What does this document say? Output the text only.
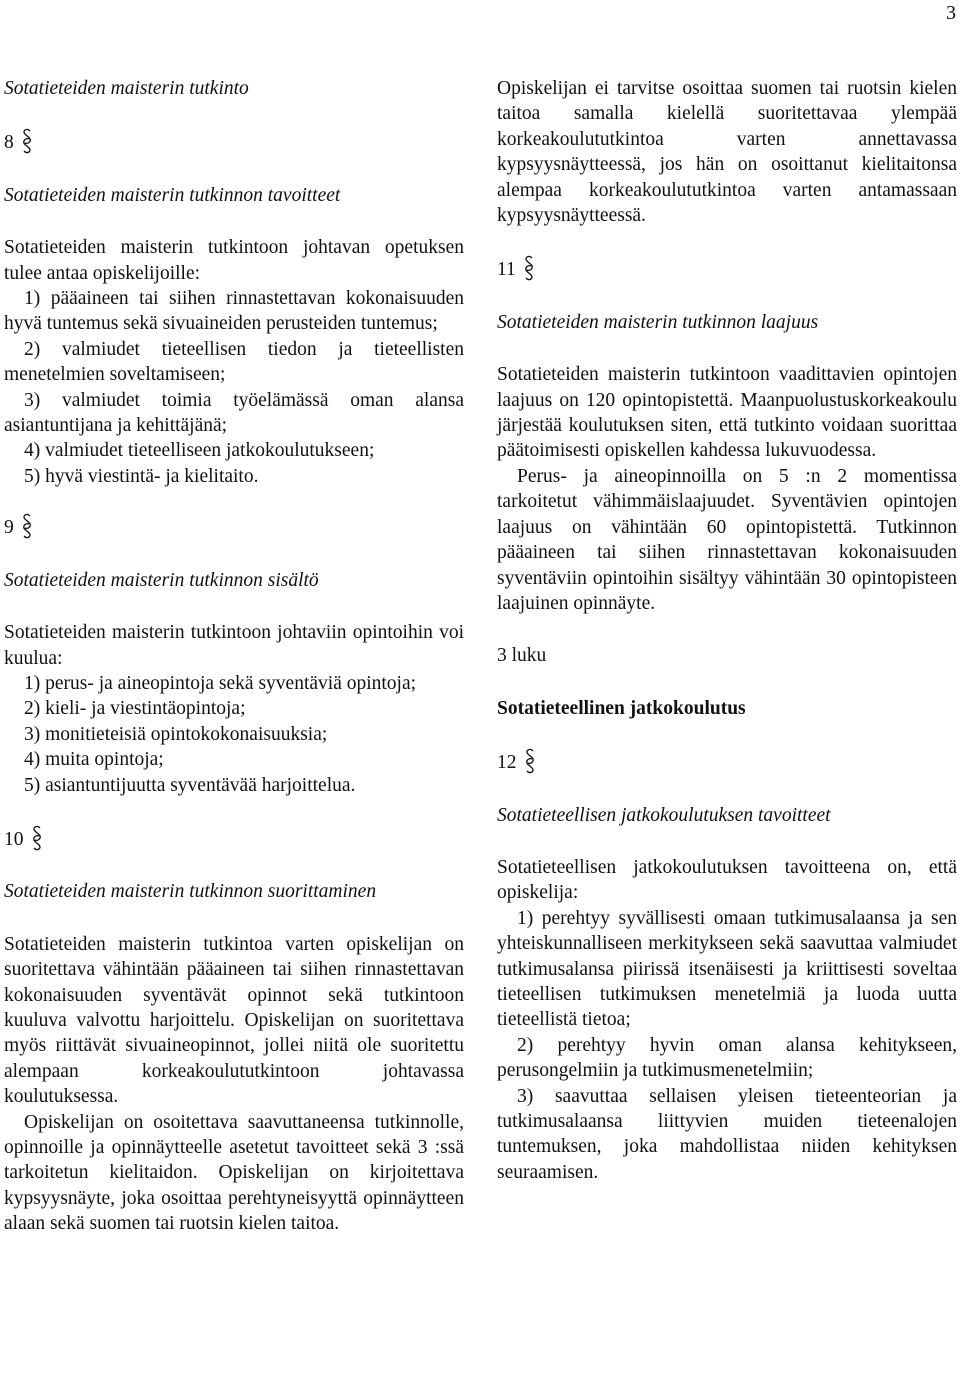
3

Sotatieteiden maisterin tutkinto

8

Sotatieteiden maisterin tutkinnon tavoitteet

Sotatieteiden maisterin tutkintoon johtavan opetuksen tulee antaa opiskelijoille:

1) pääaineen tai siihen rinnastettavan kokonaisuuden hyvä tuntemus sekä sivuaineiden perusteiden tuntemus;

2) valmiudet tieteellisen tiedon ja tieteellisten menetelmien soveltamiseen;

3) valmiudet toimia työelämässä oman alansa asiantuntijana ja kehittäjänä;

4) valmiudet tieteelliseen jatkokoulutukseen;

5) hyvä viestintä- ja kielitaito.

9

Sotatieteiden maisterin tutkinnon sisältö

Sotatieteiden maisterin tutkintoon johtaviin opintoihin voi kuulua:

1) perus- ja aineopintoja sekä syventäviä opintoja;

2) kieli- ja viestintäopintoja;

3) monitieteisiä opintokokonaisuuksia;

4) muita opintoja;

5) asiantuntijuutta syventävää harjoittelua.

10

Sotatieteiden maisterin tutkinnon suorittaminen

Sotatieteiden maisterin tutkintoa varten opiskelijan on suoritettava vähintään pääaineen tai siihen rinnastettavan kokonaisuuden syventävät opinnot sekä tutkintoon kuuluva valvottu harjoittelu. Opiskelijan on suoritettava myös riittävät sivuaineopinnot, jollei niitä ole suoritettu alempaan korkeakoulututkintoon johtavassa koulutuksessa.

Opiskelijan on osoitettava saavuttaneensa tutkinnolle, opinnoille ja opinnäytteelle asetetut tavoitteet sekä 3 :ssä tarkoitetun kielitaidon. Opiskelijan on kirjoitettava kypsyysnäyte, joka osoittaa perehtyneisyyttä opinnäytteen alaan sekä suomen tai ruotsin kielen taitoa.

Opiskelijan ei tarvitse osoittaa suomen tai ruotsin kielen taitoa samalla kielellä suoritettavaa ylempää korkeakoulututkintoa varten annettavassa kypsyysnäytteessä, jos hän on osoittanut kielitaitonsa alempaa korkeakoulututkintoa varten antamassaan kypsyysnäytteessä.

11

Sotatieteiden maisterin tutkinnon laajuus

Sotatieteiden maisterin tutkintoon vaadittavien opintojen laajuus on 120 opintopistettä. Maanpuolustuskorkeakoulu järjestää koulutuksen siten, että tutkinto voidaan suorittaa päätoimisesti opiskellen kahdessa lukuvuodessa.

Perus- ja aineopinnoilla on 5 :n 2 momentissa tarkoitetut vähimmäislaajuudet. Syventävien opintojen laajuus on vähintään 60 opintopistettä. Tutkinnon pääaineen tai siihen rinnastettavan kokonaisuuden syventäviin opintoihin sisältyy vähintään 30 opintopisteen laajuinen opinnäyte.

3 luku

Sotatieteellinen jatkokoulutus

12

Sotatieteellisen jatkokoulutuksen tavoitteet

Sotatieteellisen jatkokoulutuksen tavoitteena on, että opiskelija:

1) perehtyy syvällisesti omaan tutkimusalaansa ja sen yhteiskunnalliseen merkitykseen sekä saavuttaa valmiudet tutkimusalansa piirissä itsenäisesti ja kriittisesti soveltaa tieteellisen tutkimuksen menetelmiä ja luoda uutta tieteellistä tietoa;

2) perehtyy hyvin oman alansa kehitykseen, perusongelmiin ja tutkimusmenetelmiin;

3) saavuttaa sellaisen yleisen tieteenteorian ja tutkimusalaansa liittyvien muiden tieteenalojen tuntemuksen, joka mahdollistaa niiden kehityksen seuraamisen.
